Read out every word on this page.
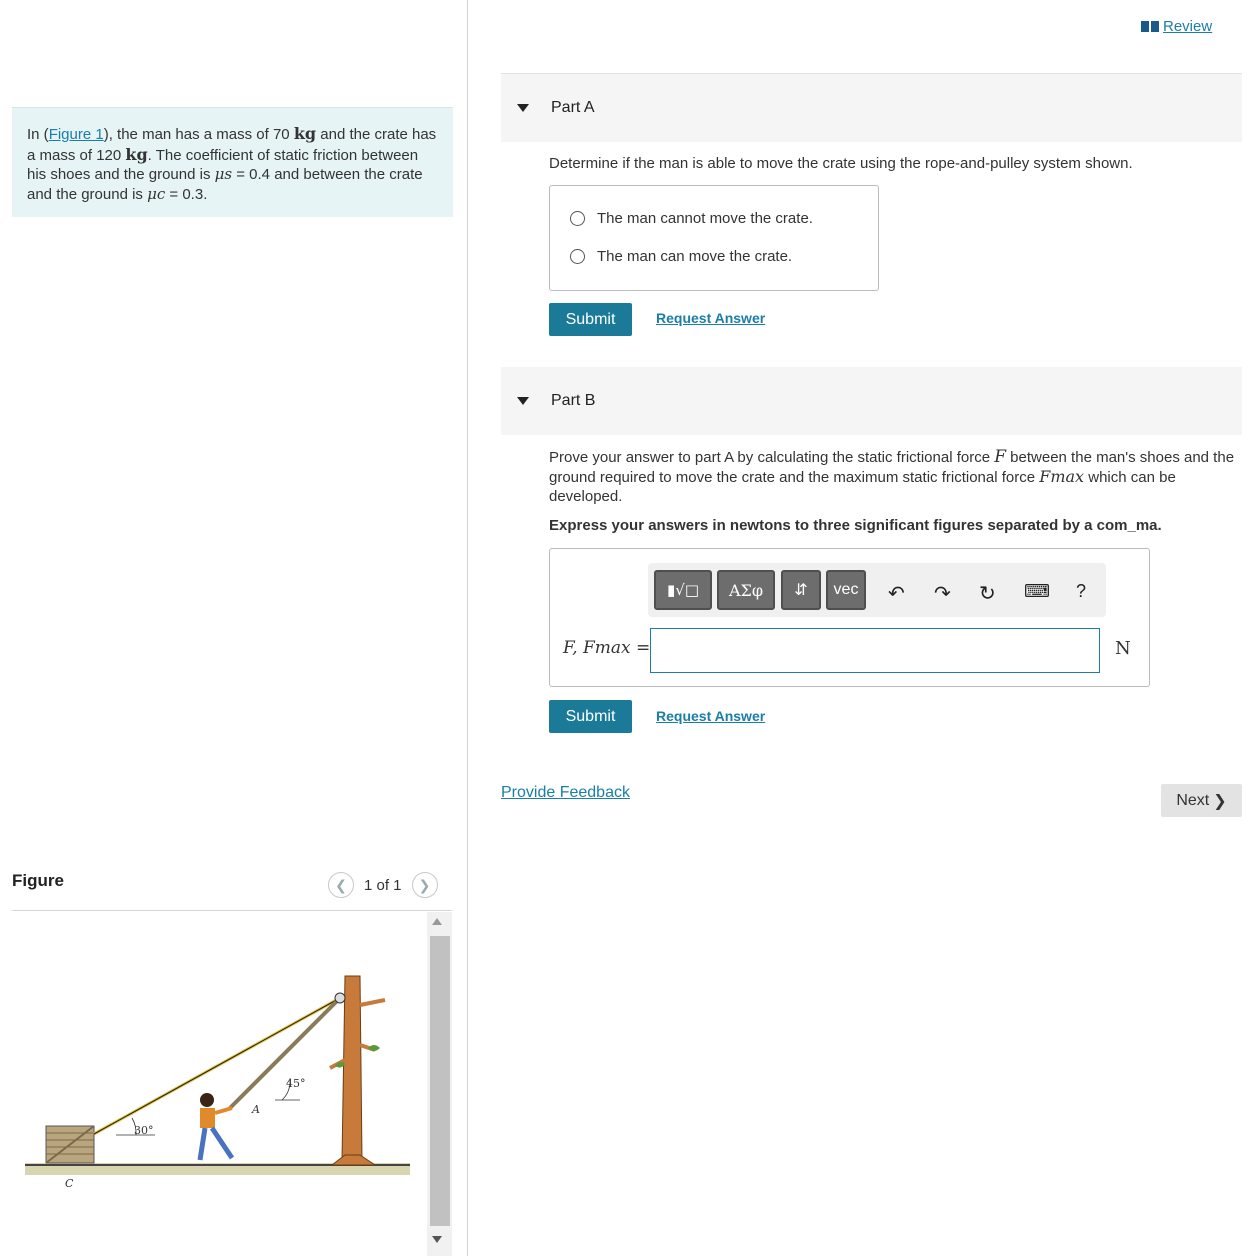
In (Figure 1), the man has a mass of 70 kg and the crate has a mass of 120 kg. The coefficient of static friction between his shoes and the ground is μs = 0.4 and between the crate and the ground is μc = 0.3.
Figure	❮	1 of 1	❯
45°
30°
A
C
Review
Part A
Determine if the man is able to move the crate using the rope-and-pulley system shown.
The man cannot move the crate.
The man can move the crate.
Submit	Request Answer
Part B
Prove your answer to part A by calculating the static frictional force F between the man's shoes and the ground required to move the crate and the maximum static frictional force Fmax which can be developed.
Express your answers in newtons to three significant figures separated by a com_ma.
▮√□	ΑΣφ	⇵	vec	↶ ↷ ↻ ⌨ ?
F, Fmax =	N
Submit	Request Answer
Provide Feedback	Next ❯
